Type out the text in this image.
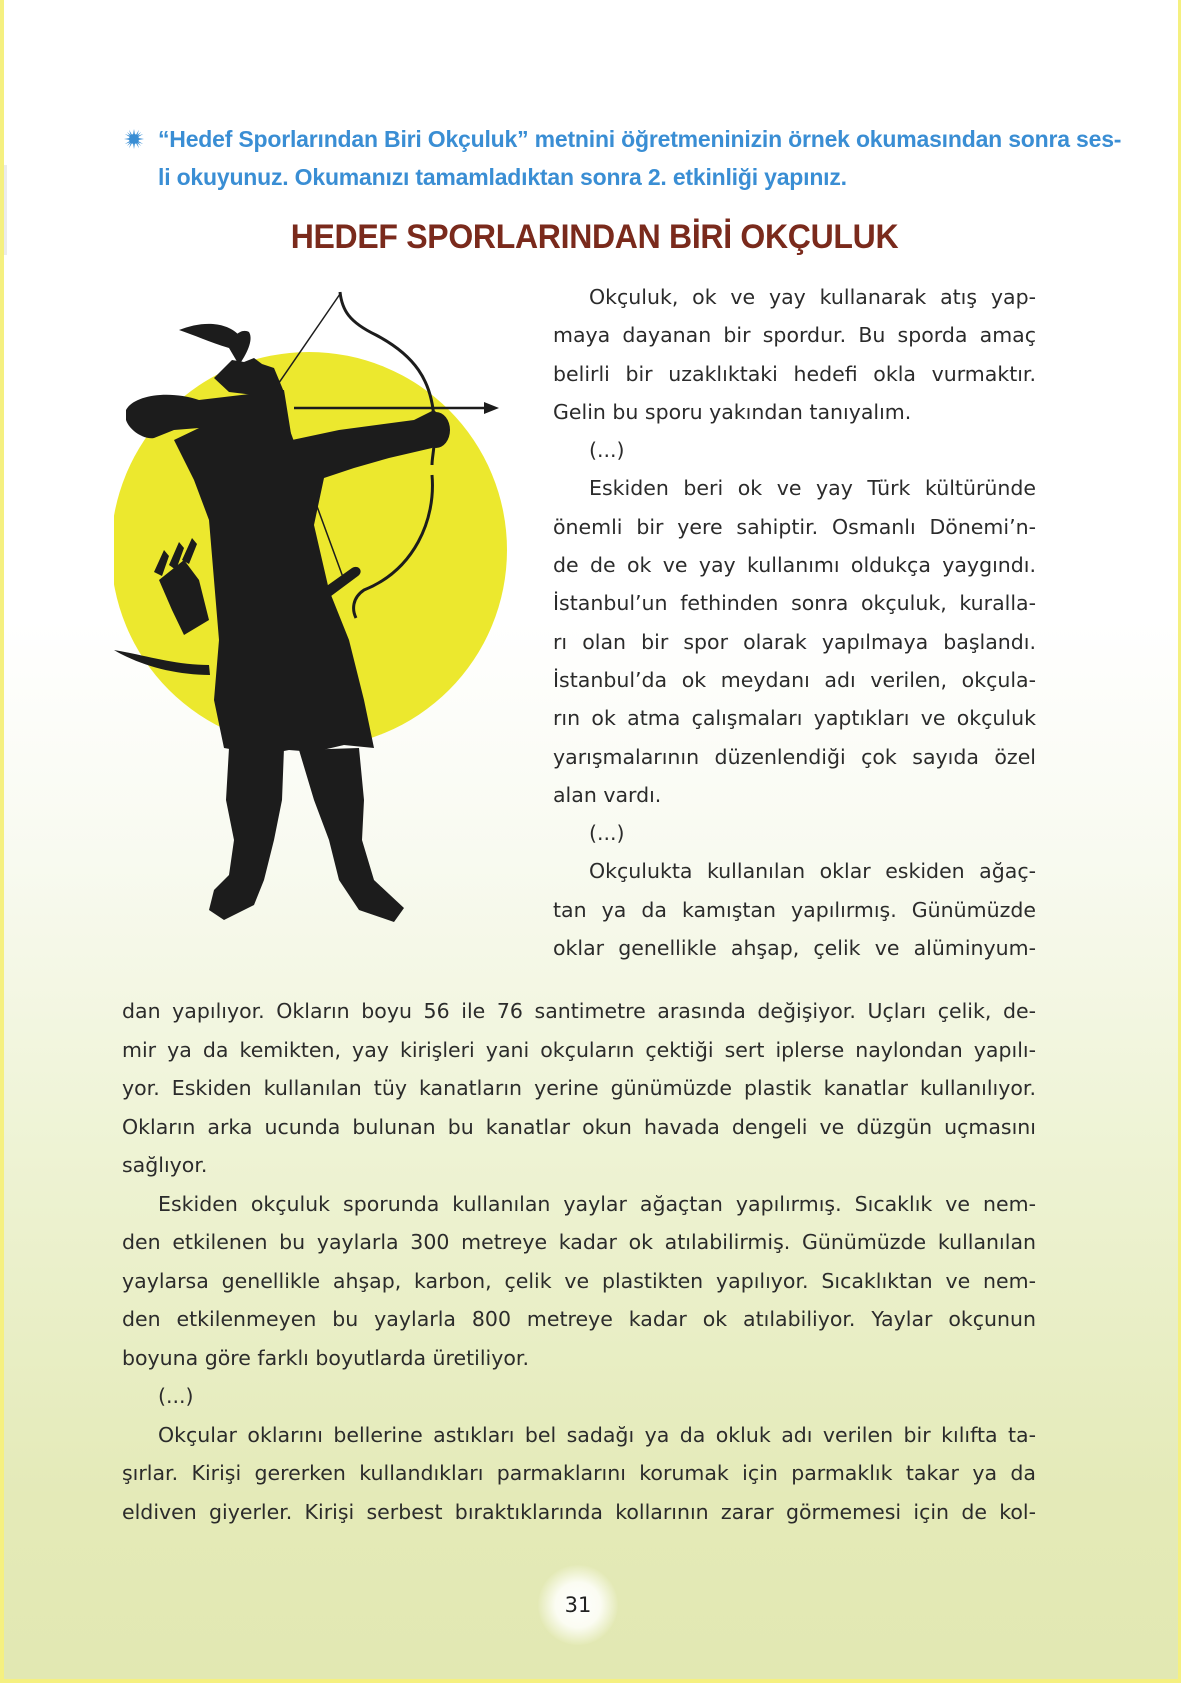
“Hedef Sporlarından Biri Okçuluk” metnini öğretmeninizin örnek okumasından sonra ses-
li okuyunuz. Okumanızı tamamladıktan sonra 2. etkinliği yapınız.
HEDEF SPORLARINDAN BİRİ OKÇULUK
Okçuluk, ok ve yay kullanarak atış yap-
maya dayanan bir spordur. Bu sporda amaç
belirli bir uzaklıktaki hedefi okla vurmaktır.
Gelin bu sporu yakından tanıyalım.
(...)
Eskiden beri ok ve yay Türk kültüründe
önemli bir yere sahiptir. Osmanlı Dönemi’n-
de de ok ve yay kullanımı oldukça yaygındı.
İstanbul’un fethinden sonra okçuluk, kuralla-
rı olan bir spor olarak yapılmaya başlandı.
İstanbul’da ok meydanı adı verilen, okçula-
rın ok atma çalışmaları yaptıkları ve okçuluk
yarışmalarının düzenlendiği çok sayıda özel
alan vardı.
(...)
Okçulukta kullanılan oklar eskiden ağaç-
tan ya da kamıştan yapılırmış. Günümüzde
oklar genellikle ahşap, çelik ve alüminyum-
dan yapılıyor. Okların boyu 56 ile 76 santimetre arasında değişiyor. Uçları çelik, de-
mir ya da kemikten, yay kirişleri yani okçuların çektiği sert iplerse naylondan yapılı-
yor. Eskiden kullanılan tüy kanatların yerine günümüzde plastik kanatlar kullanılıyor.
Okların arka ucunda bulunan bu kanatlar okun havada dengeli ve düzgün uçmasını
sağlıyor.
Eskiden okçuluk sporunda kullanılan yaylar ağaçtan yapılırmış. Sıcaklık ve nem-
den etkilenen bu yaylarla 300 metreye kadar ok atılabilirmiş. Günümüzde kullanılan
yaylarsa genellikle ahşap, karbon, çelik ve plastikten yapılıyor. Sıcaklıktan ve nem-
den etkilenmeyen bu yaylarla 800 metreye kadar ok atılabiliyor. Yaylar okçunun
boyuna göre farklı boyutlarda üretiliyor.
(...)
Okçular oklarını bellerine astıkları bel sadağı ya da okluk adı verilen bir kılıfta ta-
şırlar. Kirişi gererken kullandıkları parmaklarını korumak için parmaklık takar ya da
eldiven giyerler. Kirişi serbest bıraktıklarında kollarının zarar görmemesi için de kol-
31
